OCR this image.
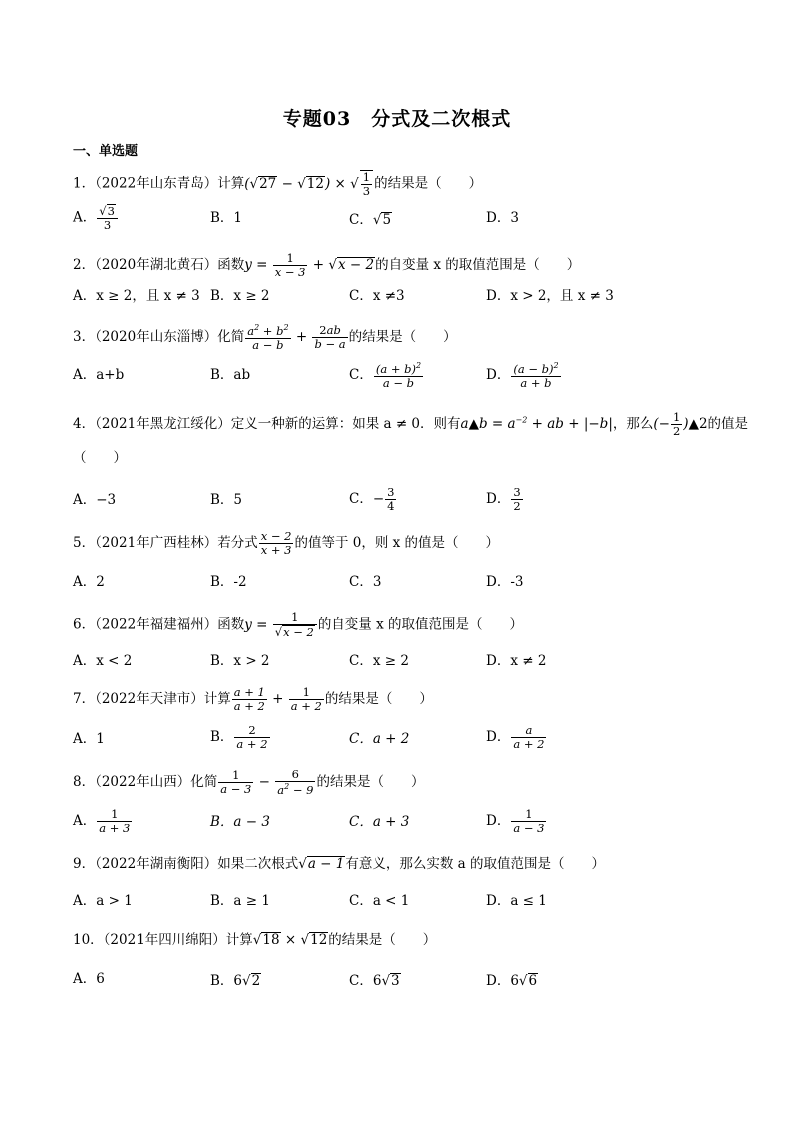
专题03　分式及二次根式
一、单选题
1．（2022年山东青岛）计算(√27 − √12) × √ $\frac{1}{3}$ 的结果是（　　）
A． $\frac{√3}{3}$	B．1	C．√5	D．3
2．（2020年湖北黄石）函数$y = \frac{1}{x - 3} + √x - 2$的自变量 x 的取值范围是（　　）
A．x ≥ 2，且 x ≠ 3 B．x ≥ 2	C．x ≠3	D．x > 2，且 x ≠ 3
3．（2020年山东淄博）化简 $\frac{a^2 + b^2}{a - b} + \frac{2ab}{b - a}$ 的结果是（　　）
A．a+b	B．ab	C． $\frac{(a + b)^2}{a - b}$	D． $\frac{(a - b)^2}{a + b}$
4．（2021年黑龙江绥化）定义一种新的运算：如果 a ≠ 0．则有a▲b = $a^{-2}$ + ab + |−b|，那么(− $\frac{1}{2}$ )▲2的值是
（　　）
A．−3	B．5	C．− $\frac{3}{4}$	D． $\frac{3}{2}$
5．（2021年广西桂林）若分式 $\frac{x - 2}{x + 3}$ 的值等于 0，则 x 的值是（　　）
A．2	B．-2	C．3	D．-3
6．（2022年福建福州）函数$y = \frac{1}{√x - 2}$ 的自变量 x 的取值范围是（　　）
A．x < 2	B．x > 2	C．x ≥ 2	D．x ≠ 2
7．（2022年天津市）计算 $\frac{a + 1}{a + 2} + \frac{1}{a + 2}$ 的结果是（　　）
A．1	B． $\frac{2}{a + 2}$	C．a + 2	D． $\frac{a}{a + 2}$
8．（2022年山西）化简 $\frac{1}{a - 3} - \frac{6}{a^2 - 9}$ 的结果是（　　）
A． $\frac{1}{a + 3}$	B．a − 3	C．a + 3	D． $\frac{1}{a - 3}$
9．（2022年湖南衡阳）如果二次根式√a − 1有意义，那么实数 a 的取值范围是（　　）
A．a > 1	B．a ≥ 1	C．a < 1	D．a ≤ 1
10．（2021年四川绵阳）计算√18 × √12的结果是（　　）
A．6	B．6√2	C．6√3	D．6√6
